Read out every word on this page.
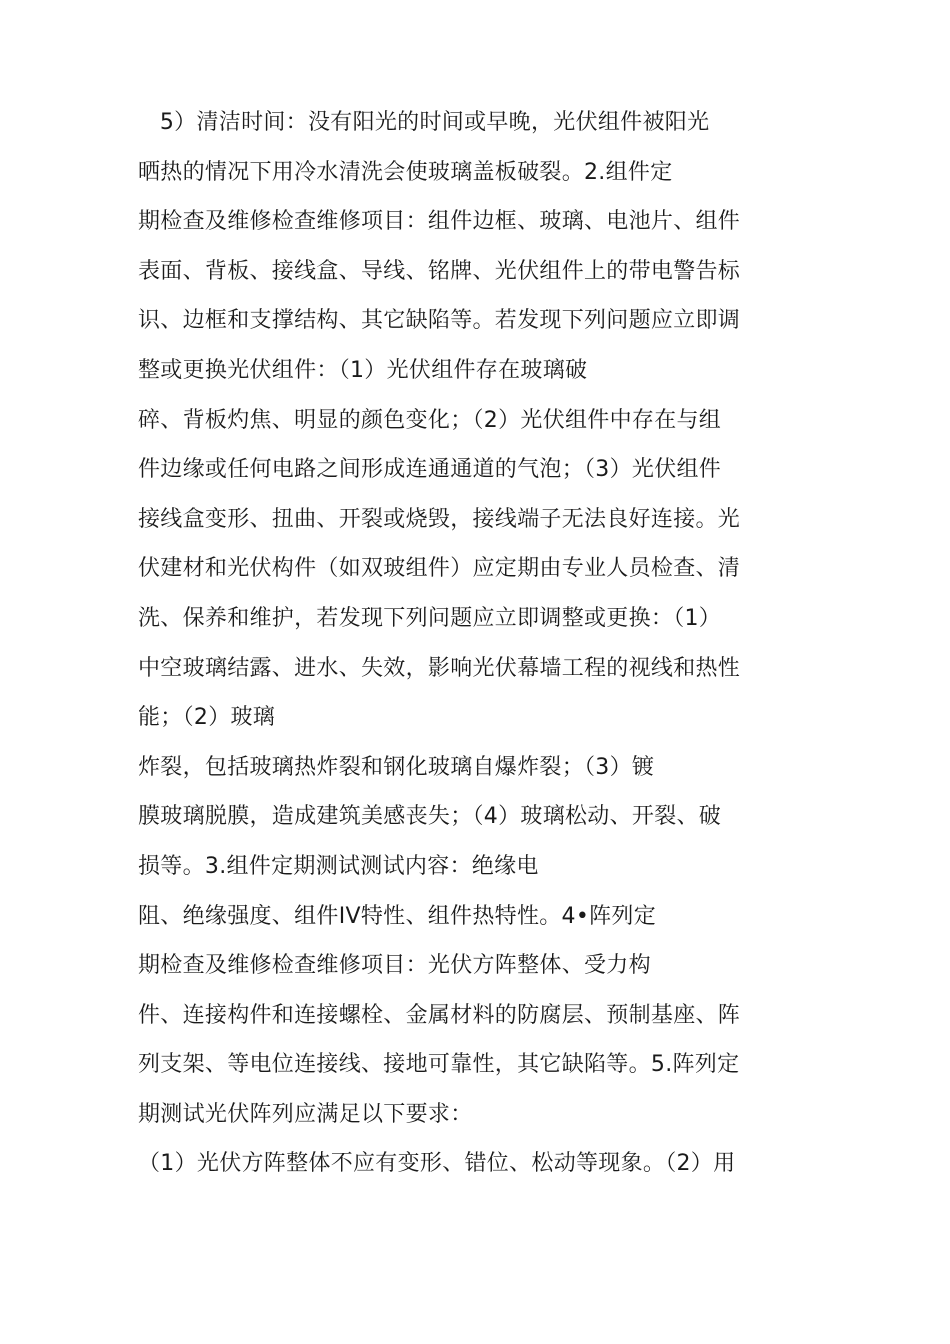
5）清洁时间：没有阳光的时间或早晚，光伏组件被阳光
晒热的情况下用冷水清洗会使玻璃盖板破裂。2.组件定
期检查及维修检查维修项目：组件边框、玻璃、电池片、组件
表面、背板、接线盒、导线、铭牌、光伏组件上的带电警告标
识、边框和支撑结构、其它缺陷等。若发现下列问题应立即调
整或更换光伏组件：（1）光伏组件存在玻璃破
碎、背板灼焦、明显的颜色变化；（2）光伏组件中存在与组
件边缘或任何电路之间形成连通通道的气泡；（3）光伏组件
接线盒变形、扭曲、开裂或烧毁，接线端子无法良好连接。光
伏建材和光伏构件（如双玻组件）应定期由专业人员检查、清
洗、保养和维护，若发现下列问题应立即调整或更换：（1）
中空玻璃结露、进水、失效，影响光伏幕墙工程的视线和热性
能；（2）玻璃
炸裂，包括玻璃热炸裂和钢化玻璃自爆炸裂；（3）镀
膜玻璃脱膜，造成建筑美感丧失；（4）玻璃松动、开裂、破
损等。3.组件定期测试测试内容：绝缘电
阻、绝缘强度、组件IV特性、组件热特性。4•阵列定
期检查及维修检查维修项目：光伏方阵整体、受力构
件、连接构件和连接螺栓、金属材料的防腐层、预制基座、阵
列支架、等电位连接线、接地可靠性，其它缺陷等。5.阵列定
期测试光伏阵列应满足以下要求：
（1）光伏方阵整体不应有变形、错位、松动等现象。（2）用
